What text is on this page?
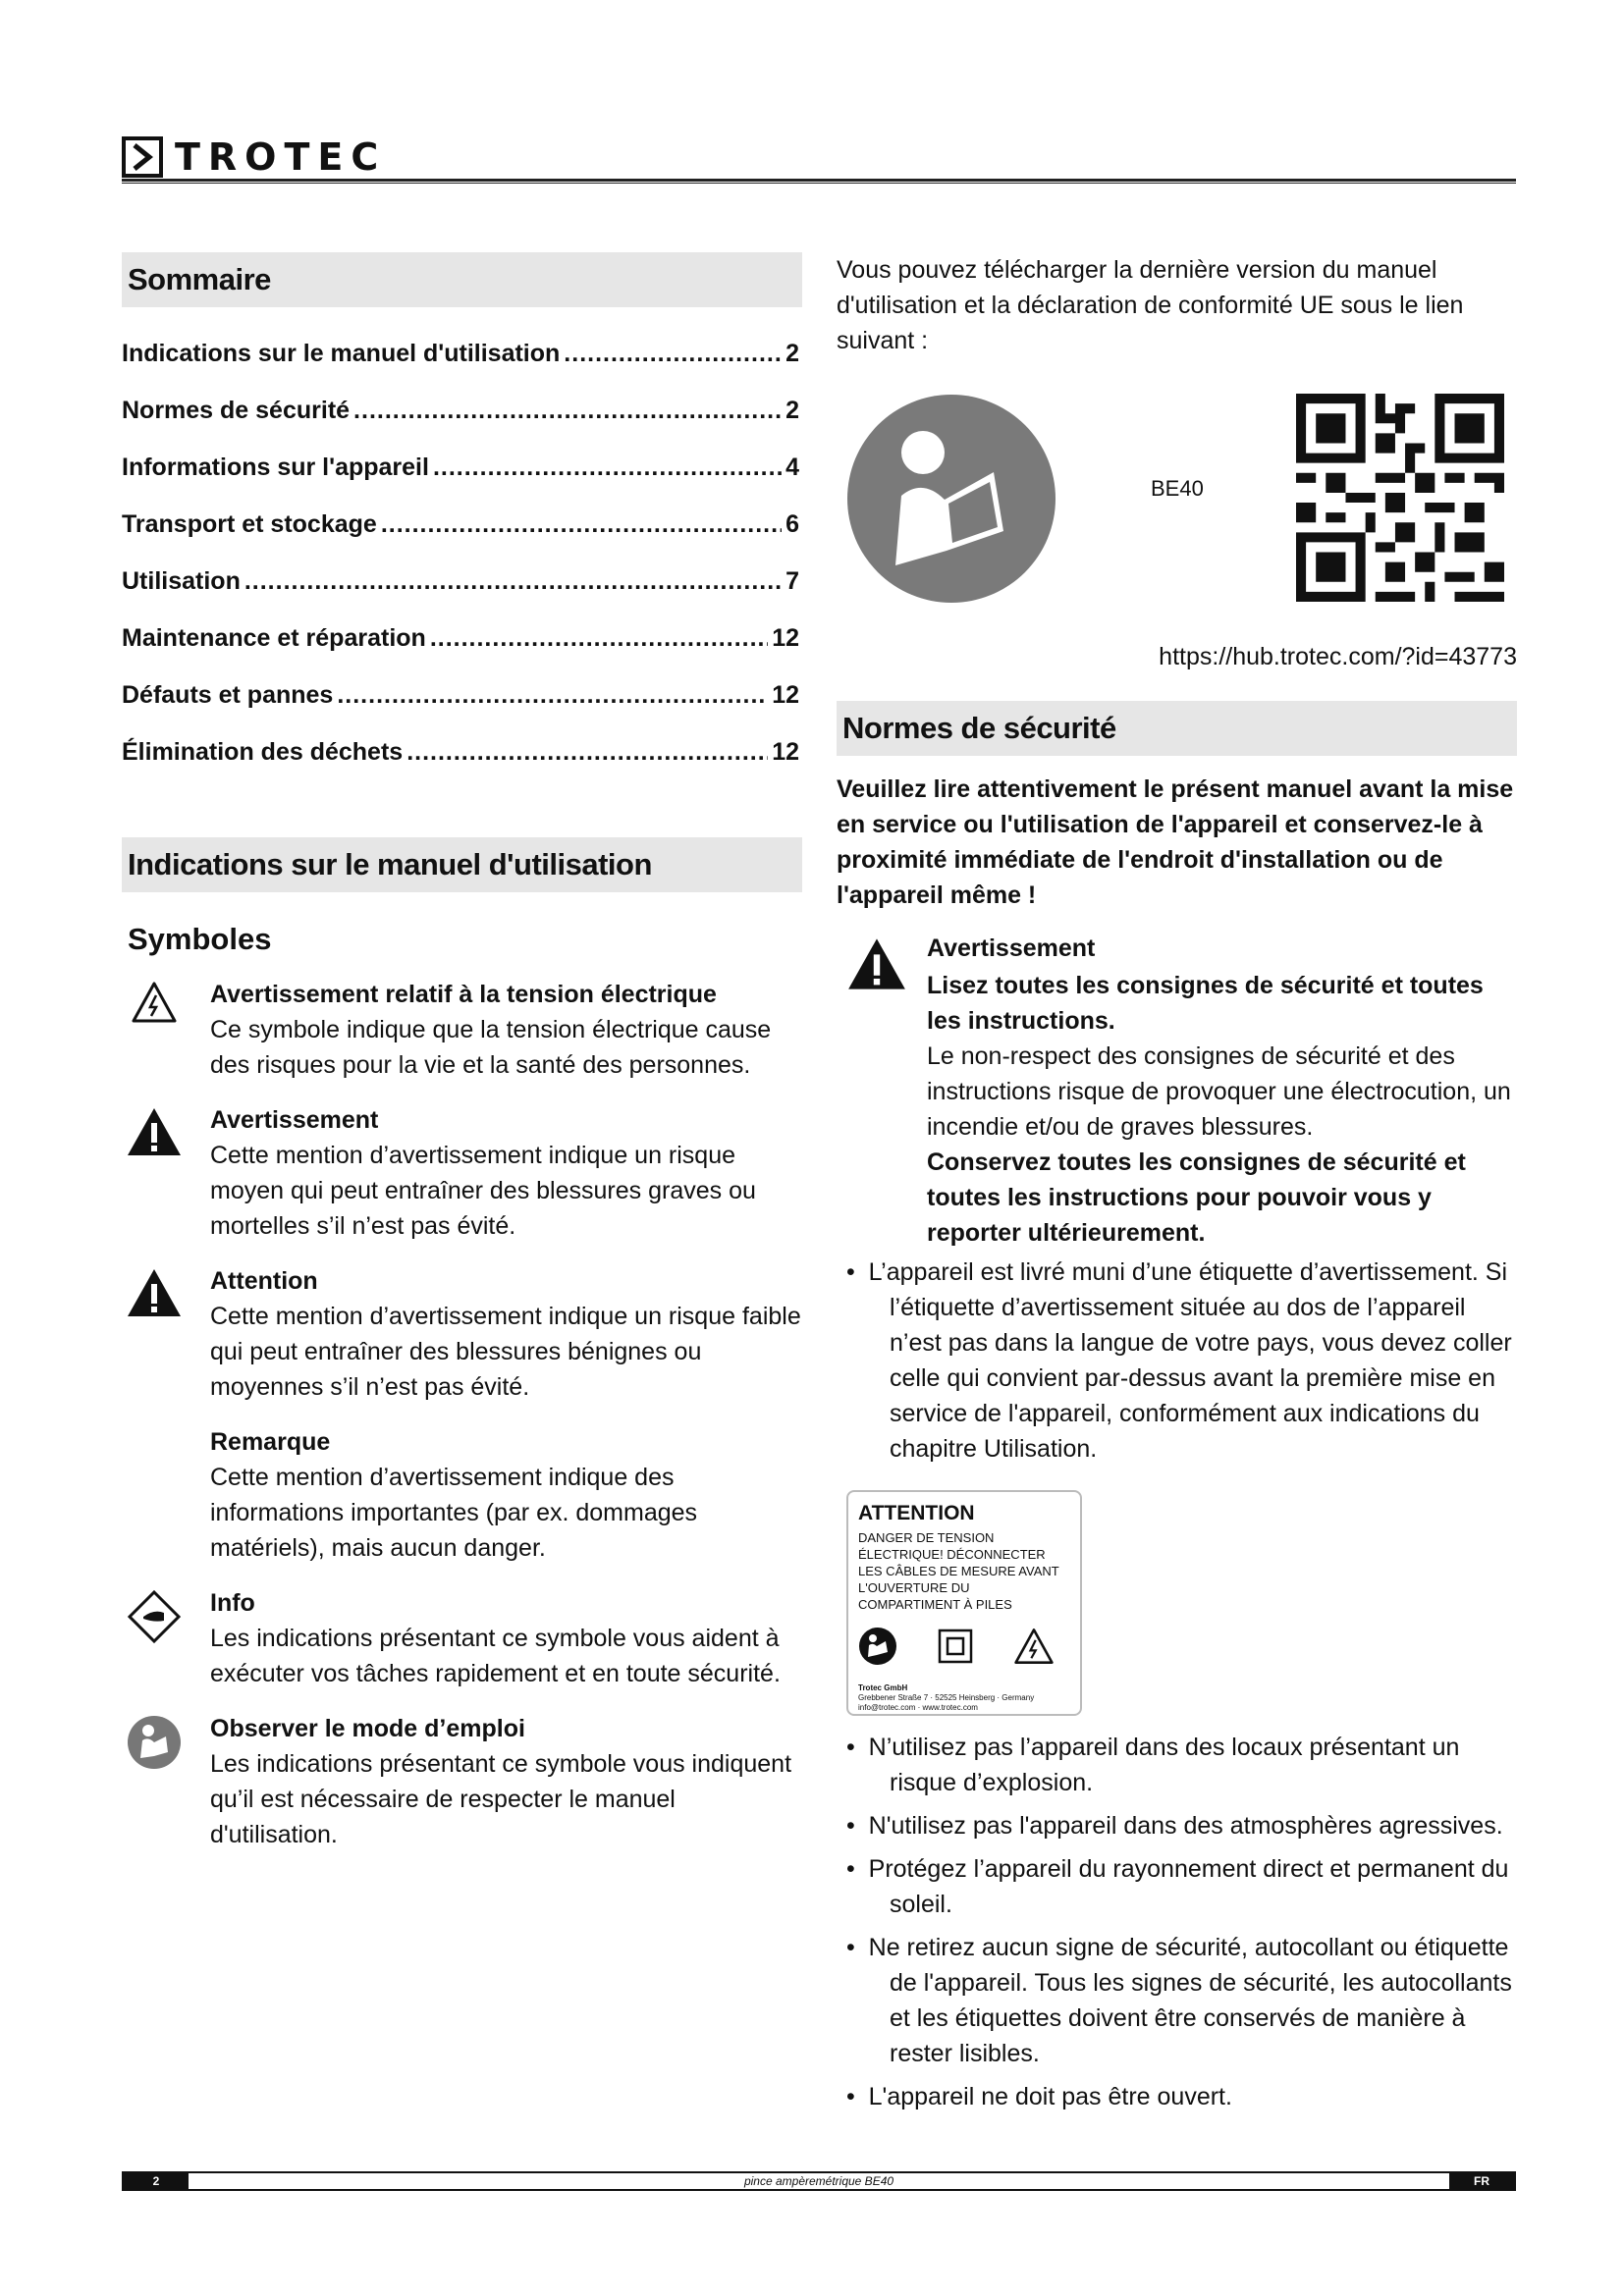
TROTEC
Sommaire
Indications sur le manuel d'utilisation .....	2
Normes de sécurité .....	2
Informations sur l'appareil .....	4
Transport et stockage .....	6
Utilisation .....	7
Maintenance et réparation .....	12
Défauts et pannes .....	12
Élimination des déchets .....	12
Indications sur le manuel d'utilisation
Symboles
Avertissement relatif à la tension électrique
Ce symbole indique que la tension électrique cause des risques pour la vie et la santé des personnes.
Avertissement
Cette mention d’avertissement indique un risque moyen qui peut entraîner des blessures graves ou mortelles s’il n’est pas évité.
Attention
Cette mention d’avertissement indique un risque faible qui peut entraîner des blessures bénignes ou moyennes s’il n’est pas évité.
Remarque
Cette mention d’avertissement indique des informations importantes (par ex. dommages matériels), mais aucun danger.
Info
Les indications présentant ce symbole vous aident à exécuter vos tâches rapidement et en toute sécurité.
Observer le mode d’emploi
Les indications présentant ce symbole vous indiquent qu’il est nécessaire de respecter le manuel d'utilisation.
Vous pouvez télécharger la dernière version du manuel d'utilisation et la déclaration de conformité UE sous le lien suivant :
BE40
https://hub.trotec.com/?id=43773
Normes de sécurité
Veuillez lire attentivement le présent manuel avant la mise en service ou l'utilisation de l'appareil et conservez-le à proximité immédiate de l'endroit d'installation ou de l'appareil même !
Avertissement
Lisez toutes les consignes de sécurité et toutes les instructions.
Le non-respect des consignes de sécurité et des instructions risque de provoquer une électrocution, un incendie et/ou de graves blessures.
Conservez toutes les consignes de sécurité et toutes les instructions pour pouvoir vous y reporter ultérieurement.
•  L’appareil est livré muni d’une étiquette d’avertissement. Si l’étiquette d’avertissement située au dos de l’appareil n’est pas dans la langue de votre pays, vous devez coller celle qui convient par-dessus avant la première mise en service de l'appareil, conformément aux indications du chapitre Utilisation.
ATTENTION
DANGER DE TENSION ÉLECTRIQUE! DÉCONNECTER LES CÂBLES DE MESURE AVANT L'OUVERTURE DU COMPARTIMENT À PILES
Trotec GmbH
Grebbener Straße 7 · 52525 Heinsberg · Germany
info@trotec.com · www.trotec.com
•  N’utilisez pas l’appareil dans des locaux présentant un risque d’explosion.
•  N'utilisez pas l'appareil dans des atmosphères agressives.
•  Protégez l’appareil du rayonnement direct et permanent du soleil.
•  Ne retirez aucun signe de sécurité, autocollant ou étiquette de l'appareil. Tous les signes de sécurité, les autocollants et les étiquettes doivent être conservés de manière à rester lisibles.
•  L'appareil ne doit pas être ouvert.
2	pince ampèremétrique BE40	FR
